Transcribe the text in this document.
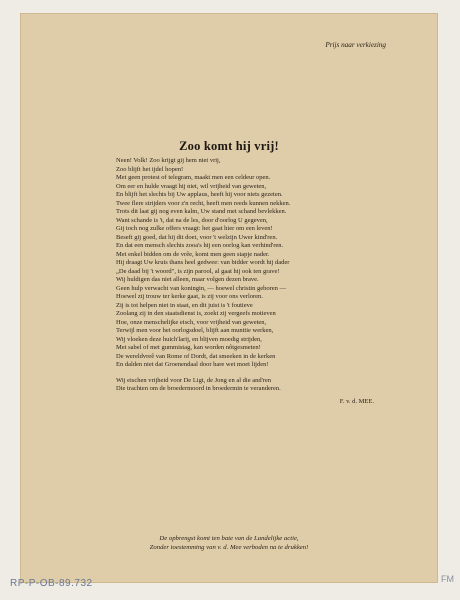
Prijs naar verkiezing

Zoo komt hij vrij!
Neen! Volk! Zoo krijgt gij hem niet vrij,
Zoo blijft het ijdel hopen!
Met geen protest of telegram, maakt men een celdeur open.
Om eer en hulde vraagt hij niet, wil vrijheid van geweten,
En blijft het slechts bij Uw applaus, heeft hij voor niets gezeten.
Twee flere strijders voor z'n recht, heeft men reeds kunnen nekken.
Trots dit laat gij nog even kalm, Uw stand met schand bevlekken.
Want schande is 't, dat na de les, door d'oorlog U gegeven,
Gij toch nog zulke offers vraagt: het gaat hier om een leven!
Beseft gij goed, dat hij dit doet, voor 't welzijn Uwer kind'ren.
En dat een mensch slechts zooa's hij een oorlog kan verhind'ren.
Met enkel bidden om de vrêe, komt men geen stapje nader.
Hij draagt Uw kruis thans heel gedwee: van bidder wordt hij dader
„De daad bij 't woord", is zijn parool, al gaat hij ook ten grave!
Wij huldigen das niet alleen, maar volgen dezen brave.
Geen hulp verwacht van koningin, — hoewel christin geboren —
Hoewel zij trouw ter kerke gaat, is zij voor ons verloren.
Zij is tot helpen niet in staat, en dit juist is 't foutieve
Zoolang zij in den staatsdienst is, zoekt zij vergeefs motieven
Hoe, onze menschelijke eisch, voor vrijheid van geweten,
Terwijl men voor het oorlogsdoel, blijft aan munitie werken,
Wij vloeken deze huich'larij, en blijven moedig strijden,
Met sabel of met gummistag, kan worden nôtgesmeten!
De wereldvreê van Rome of Dordt, dat smeeken in de kerken
En dalden niet dat Groenendaal door hare wet moet lijden!
Wij eischen vrijheid voor De Ligt, de Jong en al die and'ren
Die trachten om de broedermoord in broedermin te veranderen.
F. v. d. MEE.
De opbrengst komt ten bate van de Landelijke actie,
Zonder toestemming van v. d. Mee verboden na te drukken!

RP-P-OB-89.732	FM
